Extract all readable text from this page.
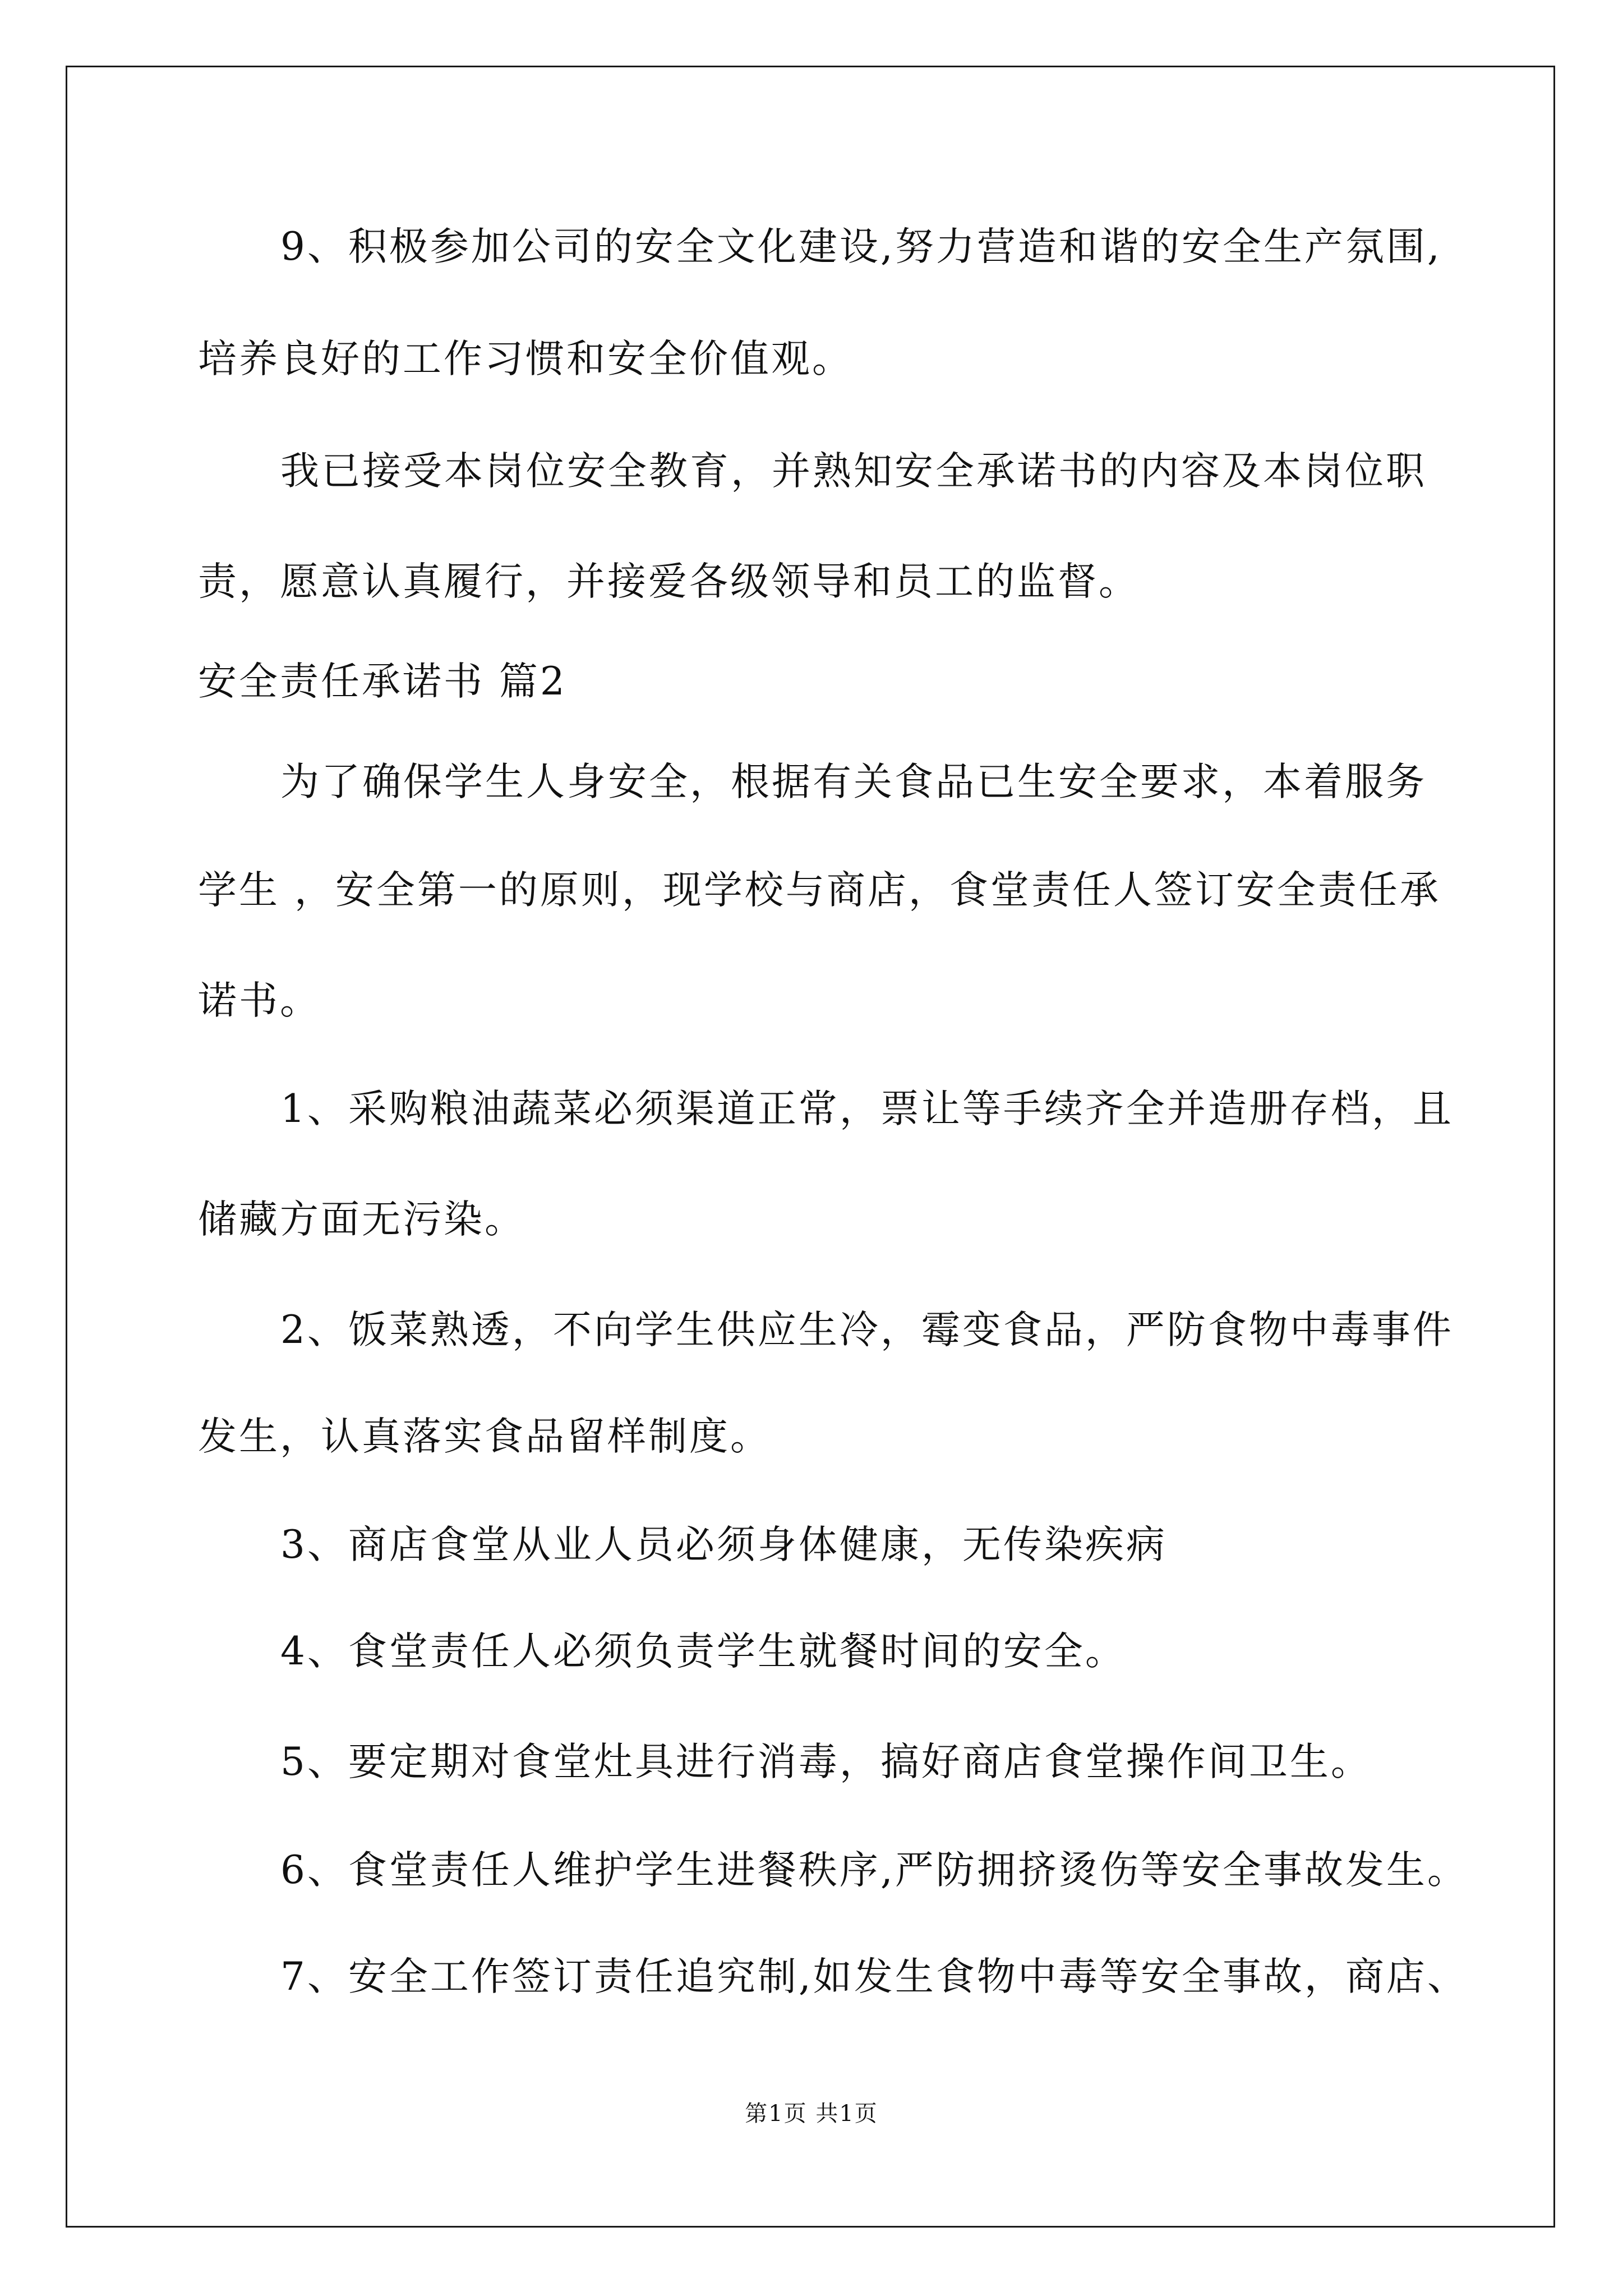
9、积极参加公司的安全文化建设,努力营造和谐的安全生产氛围,
培养良好的工作习惯和安全价值观。
我已接受本岗位安全教育，并熟知安全承诺书的内容及本岗位职
责，愿意认真履行，并接爱各级领导和员工的监督。
安全责任承诺书 篇2
为了确保学生人身安全，根据有关食品已生安全要求，本着服务
学生 ，安全第一的原则，现学校与商店，食堂责任人签订安全责任承
诺书。
1、采购粮油蔬菜必须渠道正常，票让等手续齐全并造册存档，且
储藏方面无污染。
2、饭菜熟透，不向学生供应生冷，霉变食品，严防食物中毒事件
发生，认真落实食品留样制度。
3、商店食堂从业人员必须身体健康，无传染疾病
4、食堂责任人必须负责学生就餐时间的安全。
5、要定期对食堂灶具进行消毒，搞好商店食堂操作间卫生。
6、食堂责任人维护学生进餐秩序,严防拥挤烫伤等安全事故发生。
7、安全工作签订责任追究制,如发生食物中毒等安全事故，商店、
第1页 共1页
